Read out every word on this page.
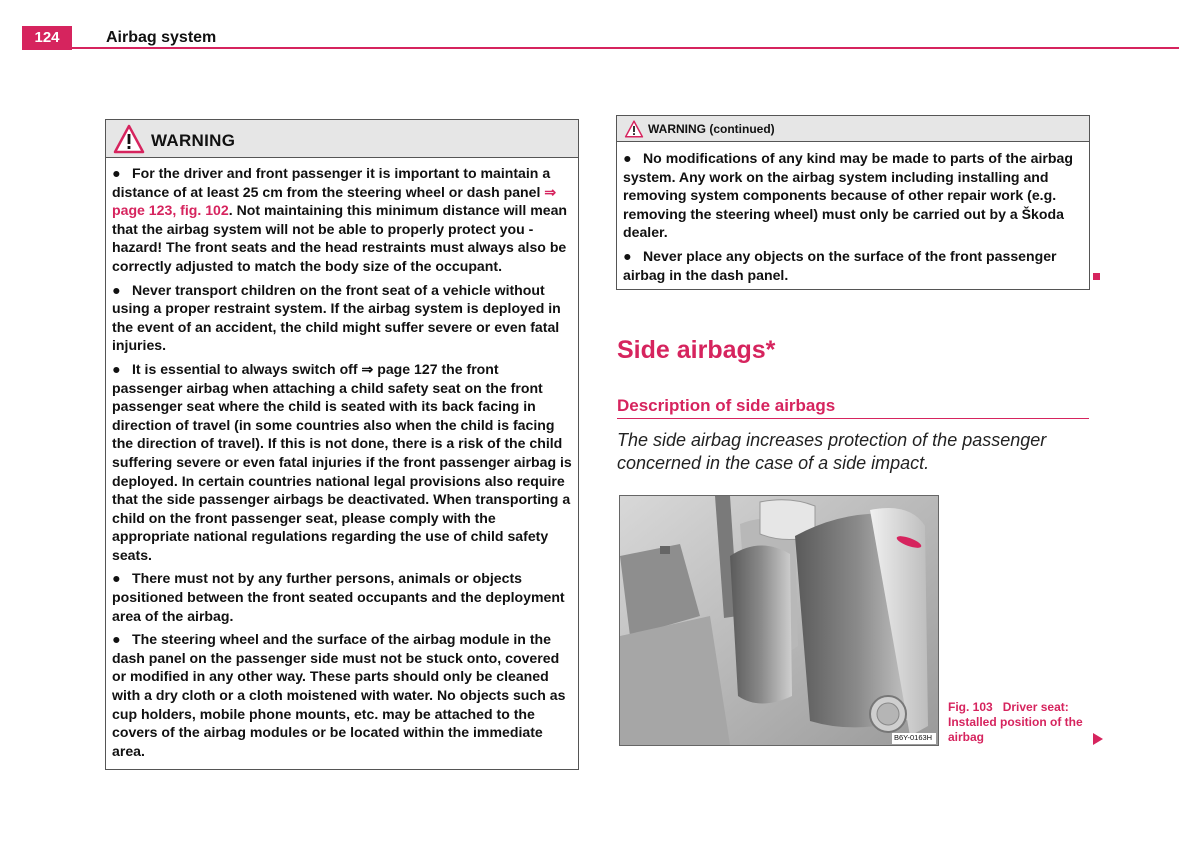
124	Airbag system
WARNING
● For the driver and front passenger it is important to maintain a distance of at least 25 cm from the steering wheel or dash panel ⇒ page 123, fig. 102. Not maintaining this minimum distance will mean that the airbag system will not be able to properly protect you - hazard! The front seats and the head restraints must always also be correctly adjusted to match the body size of the occupant.
● Never transport children on the front seat of a vehicle without using a proper restraint system. If the airbag system is deployed in the event of an accident, the child might suffer severe or even fatal injuries.
● It is essential to always switch off ⇒ page 127 the front passenger airbag when attaching a child safety seat on the front passenger seat where the child is seated with its back facing in direction of travel (in some countries also when the child is facing the direction of travel). If this is not done, there is a risk of the child suffering severe or even fatal injuries if the front passenger airbag is deployed. In certain countries national legal provisions also require that the side passenger airbags be deactivated. When transporting a child on the front passenger seat, please comply with the appropriate national regulations regarding the use of child safety seats.
● There must not by any further persons, animals or objects positioned between the front seated occupants and the deployment area of the airbag.
● The steering wheel and the surface of the airbag module in the dash panel on the passenger side must not be stuck onto, covered or modified in any other way. These parts should only be cleaned with a dry cloth or a cloth moistened with water. No objects such as cup holders, mobile phone mounts, etc. may be attached to the covers of the airbag modules or be located within the immediate area.
WARNING (continued)
● No modifications of any kind may be made to parts of the airbag system. Any work on the airbag system including installing and removing system components because of other repair work (e.g. removing the steering wheel) must only be carried out by a Škoda dealer.
● Never place any objects on the surface of the front passenger airbag in the dash panel.
Side airbags*
Description of side airbags
The side airbag increases protection of the passenger concerned in the case of a side impact.
B6Y-0163H
Fig. 103 Driver seat: Installed position of the airbag
